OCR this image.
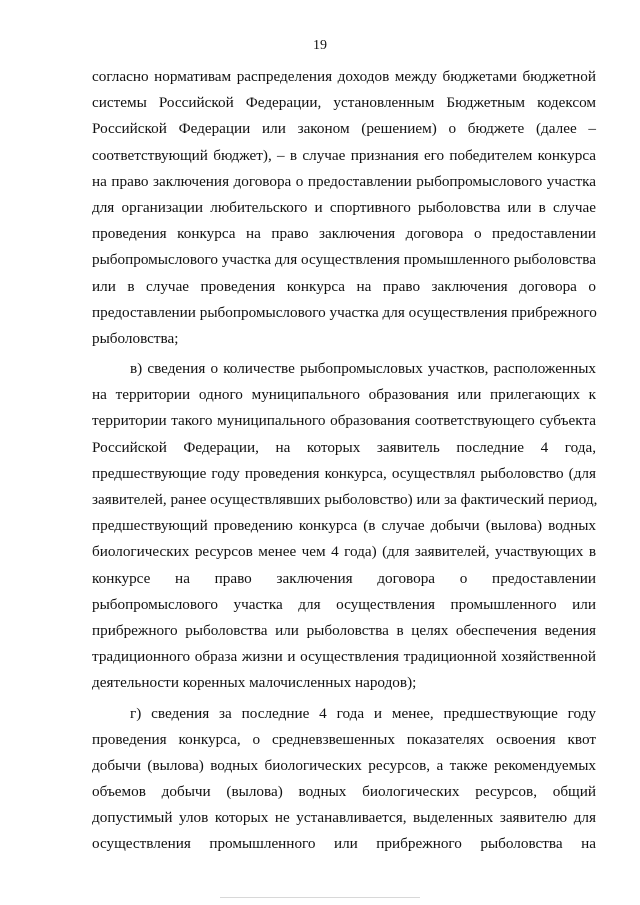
19
согласно нормативам распределения доходов между бюджетами бюджетной
системы Российской Федерации, установленным Бюджетным кодексом
Российской Федерации или законом (решением) о бюджете (далее –
соответствующий бюджет), – в случае признания его победителем конкурса
на право заключения договора о предоставлении рыбопромыслового участка
для организации любительского и спортивного рыболовства или в случае
проведения конкурса на право заключения договора о предоставлении
рыбопромыслового участка для осуществления промышленного рыболовства
или в случае проведения конкурса на право заключения договора о
предоставлении рыбопромыслового участка для осуществления прибрежного
рыболовства;
в) сведения о количестве рыбопромысловых участков, расположенных
на территории одного муниципального образования или прилегающих к
территории такого муниципального образования соответствующего субъекта
Российской Федерации, на которых заявитель последние 4 года,
предшествующие году проведения конкурса, осуществлял рыболовство (для
заявителей, ранее осуществлявших рыболовство) или за фактический период,
предшествующий проведению конкурса (в случае добычи (вылова) водных
биологических ресурсов менее чем 4 года) (для заявителей, участвующих в
конкурсе на право заключения договора о предоставлении
рыбопромыслового участка для осуществления промышленного или
прибрежного рыболовства или рыболовства в целях обеспечения ведения
традиционного образа жизни и осуществления традиционной хозяйственной
деятельности коренных малочисленных народов);
г) сведения за последние 4 года и менее, предшествующие году
проведения конкурса, о средневзвешенных показателях освоения квот
добычи (вылова) водных биологических ресурсов, а также рекомендуемых
объемов добычи (вылова) водных биологических ресурсов, общий
допустимый улов которых не устанавливается, выделенных заявителю для
осуществления промышленного или прибрежного рыболовства на
